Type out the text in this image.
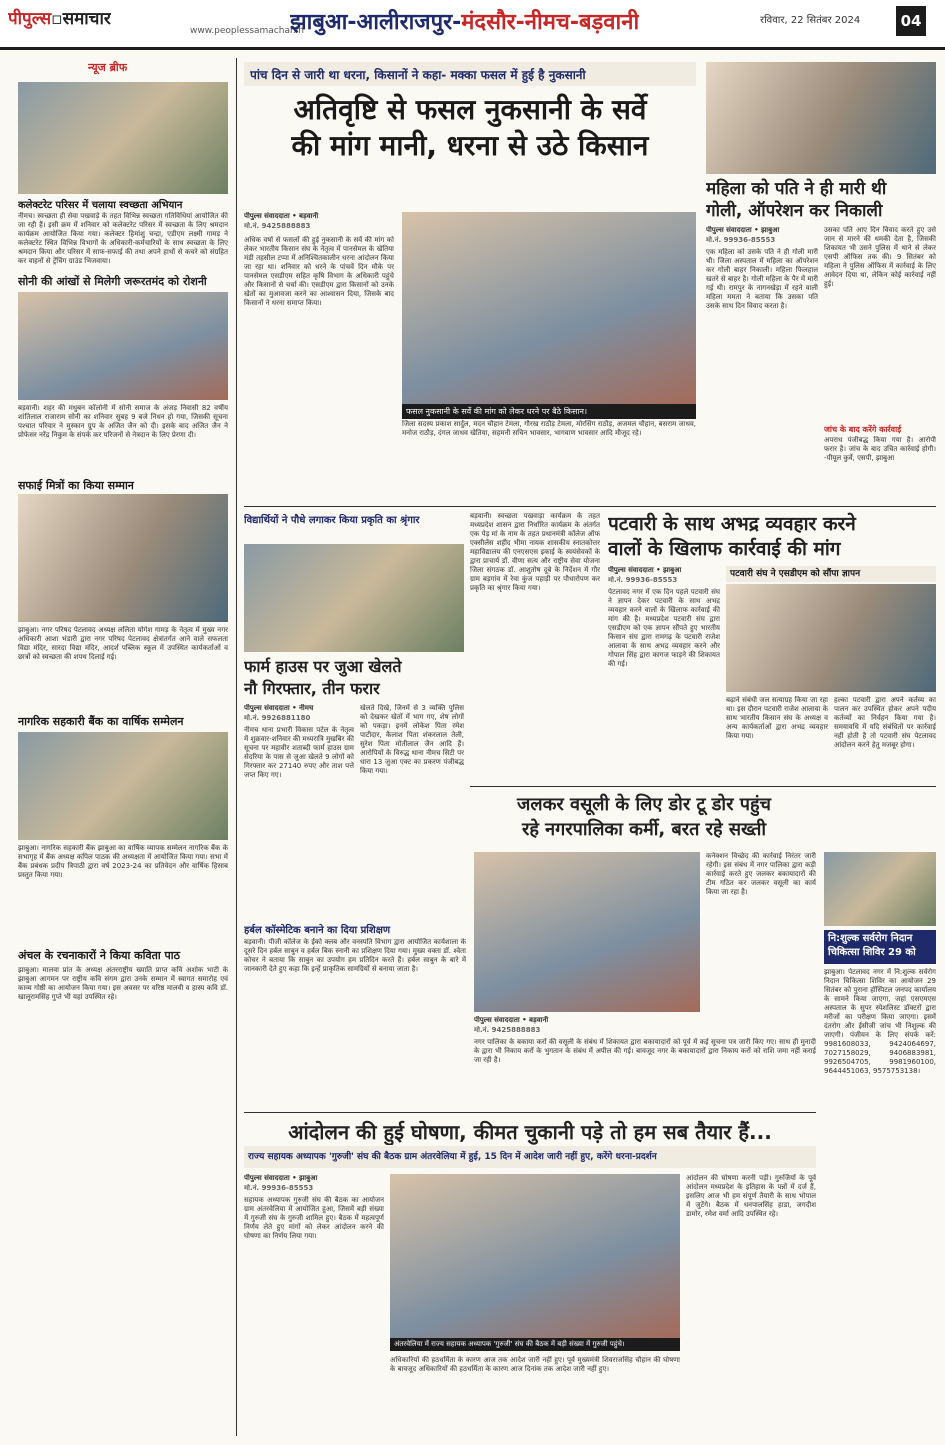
पीपुल्स▫समाचार
www.peoplessamachar.in
झाबुआ-आलीराजपुर-मंदसौर-नीमच-बड़वानी	रविवार, 22 सितंबर 2024	04
न्यूज ब्रीफ
कलेक्टरेट परिसर में चलाया स्वच्छता अभियान
नीमच। स्वच्छता ही सेवा पखवाड़े के तहत विभिन्न स्वच्छता गतिविधियां आयोजित की जा रही हैं। इसी क्रम में शनिवार को कलेक्टरेट परिसर में स्वच्छता के लिए श्रमदान कार्यक्रम आयोजित किया गया। कलेक्टर हिमांशु चन्द्रा, एडीएम लक्ष्मी गामड़ ने कलेक्टरेट स्थित विभिन्न विभागों के अधिकारी-कर्मचारियों के साथ स्वच्छता के लिए श्रमदान किया और परिसर में साफ-सफाई की तथा अपने हाथों से कचरे को संग्रहित कर वाहनों से ट्रेंचिंग ग्राउंड भिजवाया।
सोनी की आंखों से मिलेगी जरूरतमंद को रोशनी
बड़वानी। शहर की मधुबन कॉलोनी में सोनी समाज के अंजड़ निवासी 82 वर्षीय शांतिलाल राजाराम सोनी का शनिवार सुबह 9 बजे निधन हो गया, जिसकी सूचना पश्चात परिवार ने मुस्कान ग्रुप के अजित जैन को दी। इसके बाद अजित जैन ने प्रोफेसर नरेंद्र निकुम के संपर्क कर परिजनों से नेत्रदान के लिए प्रेरणा दी।
सफाई मित्रों का किया सम्मान
झाबुआ। नगर परिषद पेटलावद अध्यक्ष ललिता योगेश गामड़ के नेतृत्व में मुख्य नगर अधिकारी आशा भंडारी द्वारा नगर परिषद पेटलावद क्षेत्रांतर्गत आने वाले सफलता विद्या मंदिर, सारदा विद्या मंदिर, आदर्श पब्लिक स्कूल में उपस्थित कार्यकर्ताओं व छात्रों को स्वच्छता की शपथ दिलाई गई।
नागरिक सहकारी बैंक का वार्षिक सम्मेलन
झाबुआ। नागरिक सहकारी बैंक झाबुआ का वार्षिक व्यापक सम्मेलन नागरिक बैंक के सभागृह में बैंक अध्यक्ष कपिल पाठक की अध्यक्षता में आयोजित किया गया। सभा में बैंक प्रबंधक प्रदीप त्रिपाठी द्वारा वर्ष 2023-24 का प्रतिवेदन और वार्षिक हिसाब प्रस्तुत किया गया।
अंचल के रचनाकारों ने किया कविता पाठ
झाबुआ। मालवा प्रांत के अध्यक्ष अंतरराष्ट्रीय ख्याति प्राप्त कवि अशोक भाटी के झाबुआ आगमन पर राष्ट्रीय कवि संगम द्वारा उनके सम्मान में स्वागत समारोह एवं काव्य गोष्ठी का आयोजन किया गया। इस अवसर पर वरिष्ठ मालवी व हास्य कवि डॉ. खालूरामसिंह गुप्ते भी यहां उपस्थित रहे।
पांच दिन से जारी था धरना, किसानों ने कहा- मक्का फसल में हुई है नुकसानी
अतिवृष्टि से फसल नुकसानी के सर्वे
की मांग मानी, धरना से उठे किसान
पीपुल्स संवाददाता • बड़वानी
मो.नं. 9425888883
अधिक वर्षा से फसलों की हुई नुकसानी के सर्वे की मांग को लेकर भारतीय किसान संघ के नेतृत्व में पानसेमल के खेतिया मंडी तहसील टप्पा में अनिश्चितकालीन धरना आंदोलन किया जा रहा था। शनिवार को धरने के पांचवें दिन मौके पर पानसेमल एसडीएम सहित कृषि विभाग के अधिकारी पहुंचे और किसानों से चर्चा की। एसडीएम द्वारा किसानों को उनके खेतों का मुआवजा करने का आश्वासन दिया, जिसके बाद किसानों ने धरना समाप्त किया।
फसल नुकसानी के सर्वे की मांग को लेकर धरने पर बैठे किसान।
जिला सदस्य प्रकाश सार्दुल, मदन चौहान टेमला, गौरख राठौड़ टेमला, मोरसिंग राठौड़, अजमल चौहान, बसराम जाधव, मनोज राठौड़, दंगल जाधव खेतिया, सहमनी सचिन भावसार, भागवाण भावसार आदि मौजूद रहे।
महिला को पति ने ही मारी थी
गोली, ऑपरेशन कर निकाली
पीपुल्स संवाददाता • झाबुआ
मो.नं. 99936-85553
एक महिला को उसके पति ने ही गोली मारी थी। जिला अस्पताल में महिला का ऑपरेशन कर गोली बाहर निकाली। महिला फिलहाल खतरे से बाहर है। गोली महिला के पैर में मारी गई थी। रामपुर के नागनखेड़ा में रहने वाली महिला ममता ने बताया कि उसका पति उसके साथ दिन विवाद करता है।
उसका पति आए दिन विवाद करते हुए उसे जान से मारने की धमकी देता है, जिसकी शिकायत भी उसने पुलिस में थाने से लेकर एसपी ऑफिस तक की। 9 सितंबर को महिला ने पुलिस ऑफिस में कार्रवाई के लिए आवेदन दिया था, लेकिन कोई कार्रवाई नहीं हुई।
जांच के बाद करेंगे कार्रवाई
अपराध पंजीबद्ध किया गया है। आरोपी फरार है। जांच के बाद उचित कार्रवाई होगी। -पीयूल कुर्वे, एसपी, झाबुआ
विद्यार्थियों ने पौधे लगाकर किया प्रकृति का श्रृंगार	बड़वानी। स्वच्छता पखवाड़ा कार्यक्रम के तहत मध्यप्रदेश शासन द्वारा निर्धारित कार्यक्रम के अंतर्गत एक पेड़ मां के नाम के तहत प्रधानमंत्री कॉलेज ऑफ एक्सीलेंस शहीद भीमा नायक शासकीय स्नातकोत्तर महाविद्यालय की एनएसएस इकाई के स्वयंसेवकों के द्वारा प्राचार्य डॉ. वीणा सत्य और राष्ट्रीय सेवा योजना जिला संगठक डॉ. आशुतोष दूबे के निर्देशन में गौर ग्राम बड़गांव में रेवा कुंज पहाड़ी पर पौधारोपण कर प्रकृति का श्रृंगार किया गया।
फार्म हाउस पर जुआ खेलते
नौ गिरफ्तार, तीन फरार
पीपुल्स संवाददाता • नीमच
मो.नं. 9926881180
नीमच थाना प्रभारी विकास पटेल के नेतृत्व में शुक्रवार-शनिवार की मध्यरात्रि मुखबिर की सूचना पर महावीर शताब्दी फार्म हाउस ग्राम सेदरिया के पास से जुआ खेलते 9 लोगों को गिरफ्तार कर 27140 रुपए और ताश पत्ते जप्त किए गए।
खेलते दिखे, जिनमें से 3 व्यक्ति पुलिस को देखकर खेतों में भाग गए, शेष लोगों को पकड़ा। इनमें लोकेश पिता रमेश पाटीदार, कैलाश पिता शंकरलाल तेली, सुरेश पिता मोतीलाल जैन आदि हैं। आरोपियों के विरुद्ध थाना नीमच सिटी पर धारा 13 जुआ एक्ट का प्रकरण पंजीबद्ध किया गया।
पटवारी के साथ अभद्र व्यवहार करने
वालों के खिलाफ कार्रवाई की मांग
पीपुल्स संवाददाता • झाबुआ
मो.नं. 99936-85553
पेटलावद नगर में एक दिन पहले पटवारी संघ ने ज्ञापन देकर पटवारी के साथ अभद्र व्यवहार करने वालों के खिलाफ कार्रवाई की मांग की है। मध्यप्रदेश पटवारी संघ द्वारा एसडीएम को एक ज्ञापन सौंपते हुए भारतीय किसान संघ द्वारा रामगढ़ के पटवारी राजेश आलावा के साथ अभद्र व्यवहार करने और गोपाल सिंह द्वारा कागज फाड़ने की शिकायत की गई।
पटवारी संघ ने एसडीएम को सौंपा ज्ञापन
बढ़ाने संबंधी जल सत्याग्रह किया जा रहा था। इस दौरान पटवारी राजेश आलावा के साथ भारतीय किसान संघ के अध्यक्ष व अन्य कार्यकर्ताओं द्वारा अभद्र व्यवहार किया गया।
हल्का पटवारी द्वारा अपने कर्तव्य का पालन कर उपस्थित होकर अपने पदीय कर्तव्यों का निर्वहन किया गया है। समयावधि में यदि संबंधितों पर कार्रवाई नहीं होती है तो पटवारी संघ पेटलावद आंदोलन करने हेतु मजबूर होगा।
जलकर वसूली के लिए डोर टू डोर पहुंच
रहे नगरपालिका कर्मी, बरत रहे सख्ती
कनेक्शन विच्छेद की कार्रवाई निरंतर जारी रहेगी। इस संबंध में नगर पालिका द्वारा कड़ी कार्रवाई करते हुए जलकर बकायादारों की टीम गठित कर जलकर वसूली का कार्य किया जा रहा है।
पीपुल्स संवाददाता • बड़वानी
मो.नं. 9425888883
नगर पालिका के बकाया करों की वसूली के संबंध में शिकायत द्वारा बकायादारों को पूर्व में कई सूचना पत्र जारी किए गए। साथ ही मुनादी के द्वारा भी निकाय करों के भुगतान के संबंध में अपील की गई। बावजूद नगर के बकायादारों द्वारा निकाय करों को राशि जमा नहीं कराई जा रही है।
हर्बल कॉस्मेटिक बनाने का दिया प्रशिक्षण
बड़वानी। पीजी कॉलेज के ईको क्लब और वनस्पति विभाग द्वारा आयोजित कार्यशाला के दूसरे दिन हर्बल साबुन व हर्बल बिक स्नानी का प्रशिक्षण दिया गया। मुख्य वक्ता डॉ. श्वेता कोचर ने बताया कि साबुन का उपयोग हम प्रतिदिन करते हैं। हर्बल साबुन के बारे में जानकारी देते हुए कहा कि इन्हें प्राकृतिक सामग्रियों से बनाया जाता है।
नि:शुल्क सर्वरोग निदान चिकित्सा शिविर 29 को
झाबुआ। पेटलावद नगर में नि:शुल्क सर्वरोग निदान चिकित्सा शिविर का आयोजन 29 सितंबर को पुराना हॉस्पिटल जनपद कार्यालय के सामने किया जाएगा, जहां एसएमएस अस्पताल के सुपर स्पेशलिस्ट डॉक्टरों द्वारा मरीजों का परीक्षण किया जाएगा। इसमें दंतरोग और ईसीजी जांच भी निशुल्क की जाएगी। पंजीयन के लिए संपर्क करें: 9981608033, 9424064697, 7027158029, 9406883981, 9926504705, 9981960100, 9644451063, 9575753138।
आंदोलन की हुई घोषणा, कीमत चुकानी पड़े तो हम सब तैयार हैं...
राज्य सहायक अध्यापक 'गुरुजी' संघ की बैठक ग्राम अंतरवेलिया में हुई, 15 दिन में आदेश जारी नहीं हुए, करेंगे धरना-प्रदर्शन
पीपुल्स संवाददाता • झाबुआ
मो.नं. 99936-85553
सहायक अध्यापक गुरुजी संघ की बैठक का आयोजन ग्राम अंतरवेलिया में आयोजित हुआ, जिसमें बड़ी संख्या में गुरुजी संघ के गुरुजी शामिल हुए। बैठक में महत्वपूर्ण निर्णय लेते हुए मांगों को लेकर आंदोलन करने की घोषणा का निर्णय लिया गया।
अंतरवेलिया में राज्य सहायक अध्यापक 'गुरुजी' संघ की बैठक में बड़ी संख्या में गुरुजी पहुंचे।
अधिकारियों की हठधर्मिता के कारण आज तक आदेश जारी नहीं हुए। पूर्व मुख्यमंत्री शिवराजसिंह चौहान की घोषणा के बावजूद अधिकारियों की हठधर्मिता के कारण आज दिनांक तक आदेश जारी नहीं हुए।
आंदोलन की घोषणा करनी पड़ी। गुरुजियों के पूर्व आंदोलन मध्यप्रदेश के इतिहास के पन्नों में दर्ज हैं, इसलिए आज भी हम संपूर्ण तैयारी के साथ भोपाल में जुटेंगे। बैठक में धनपालसिंह हाडा, जगदीश डामोर, रमेश वर्मा आदि उपस्थित रहे।
